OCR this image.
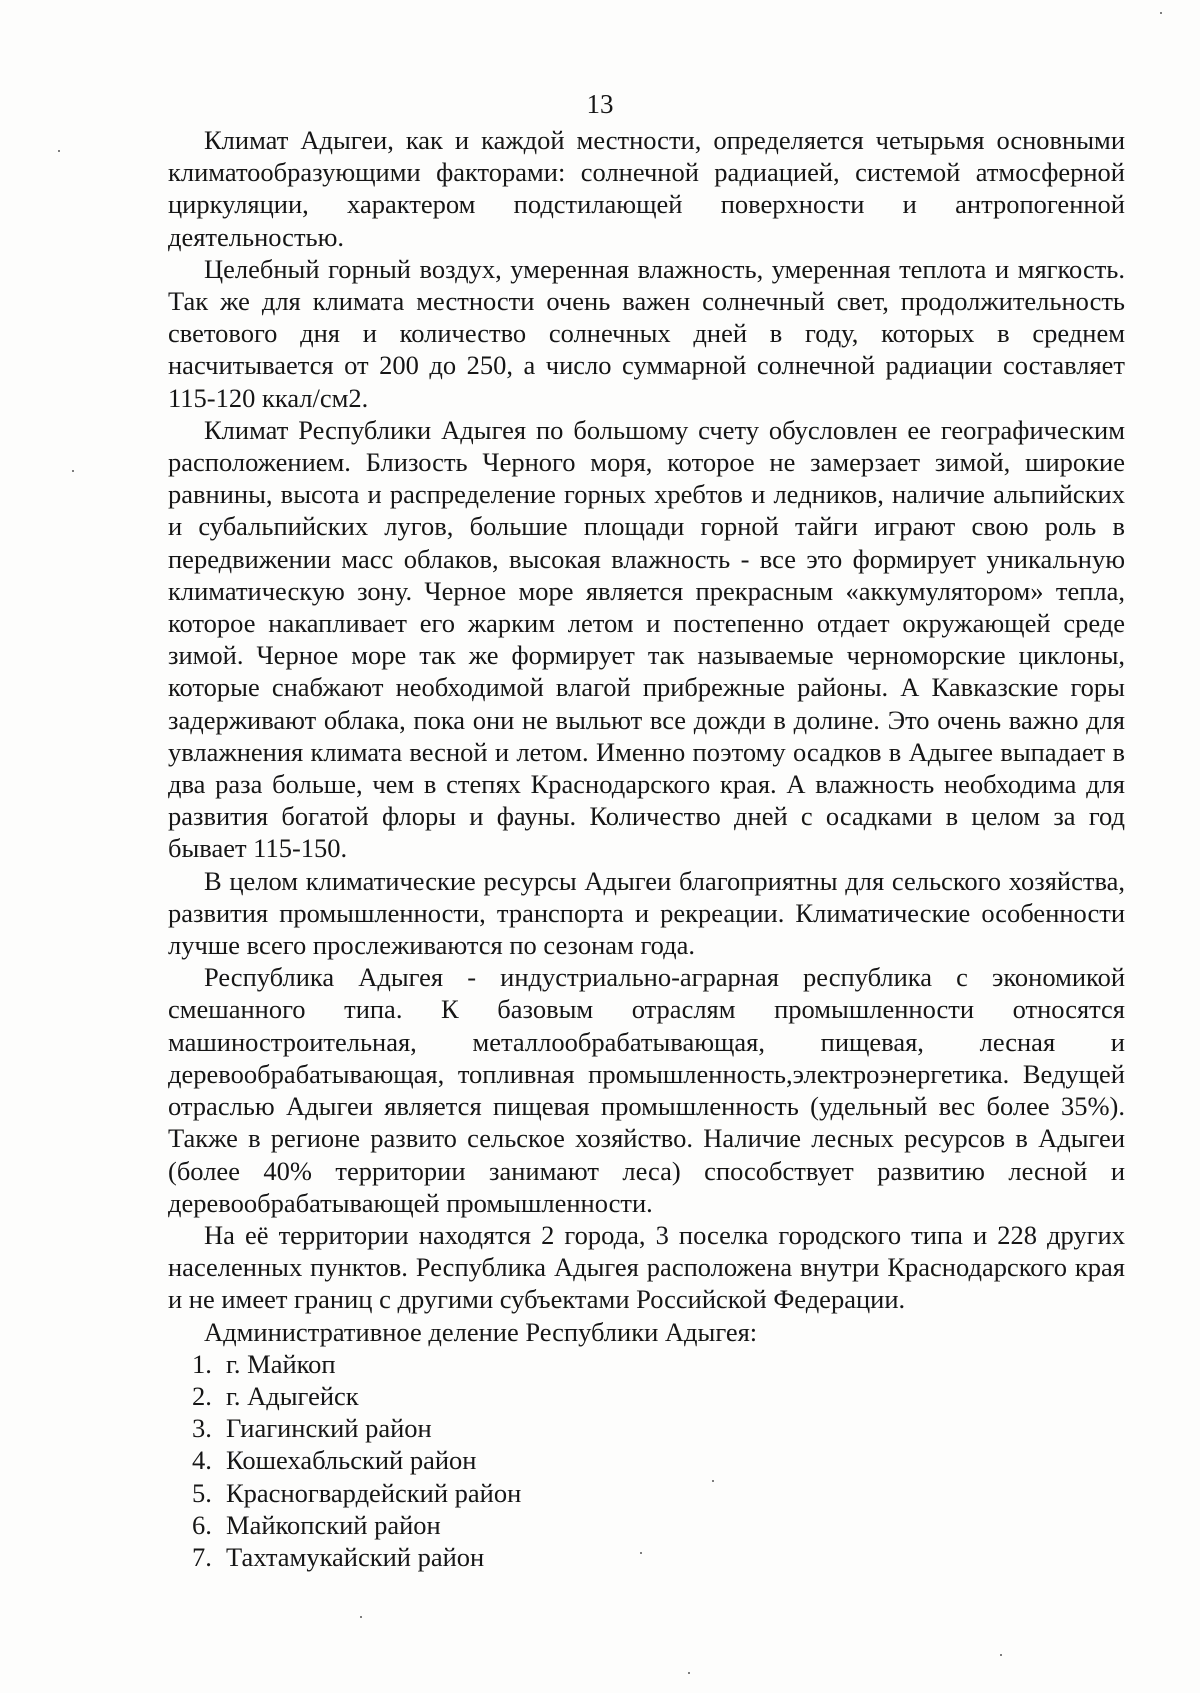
13

Климат Адыгеи, как и каждой местности, определяется четырьмя основными климатообразующими факторами: солнечной радиацией, системой атмосферной циркуляции, характером подстилающей поверхности и антропогенной деятельностью.

Целебный горный воздух, умеренная влажность, умеренная теплота и мягкость. Так же для климата местности очень важен солнечный свет, продолжительность светового дня и количество солнечных дней в году, которых в среднем насчитывается от 200 до 250, а число суммарной солнечной радиации составляет 115-120 ккал/см2.

Климат Республики Адыгея по большому счету обусловлен ее географическим расположением. Близость Черного моря, которое не замерзает зимой, широкие равнины, высота и распределение горных хребтов и ледников, наличие альпийских и субальпийских лугов, большие площади горной тайги играют свою роль в передвижении масс облаков, высокая влажность - все это формирует уникальную климатическую зону. Черное море является прекрасным «аккумулятором» тепла, которое накапливает его жарким летом и постепенно отдает окружающей среде зимой. Черное море так же формирует так называемые черноморские циклоны, которые снабжают необходимой влагой прибрежные районы. А Кавказские горы задерживают облака, пока они не выльют все дожди в долине. Это очень важно для увлажнения климата весной и летом. Именно поэтому осадков в Адыгее выпадает в два раза больше, чем в степях Краснодарского края. А влажность необходима для развития богатой флоры и фауны. Количество дней с осадками в целом за год бывает 115-150.

В целом климатические ресурсы Адыгеи благоприятны для сельского хозяйства, развития промышленности, транспорта и рекреации. Климатические особенности лучше всего прослеживаются по сезонам года.

Республика Адыгея - индустриально-аграрная республика с экономикой смешанного типа. К базовым отраслям промышленности относятся машиностроительная, металлообрабатывающая, пищевая, лесная и деревообрабатывающая, топливная промышленность,электроэнергетика. Ведущей отраслью Адыгеи является пищевая промышленность (удельный вес более 35%). Также в регионе развито сельское хозяйство. Наличие лесных ресурсов в Адыгеи (более 40% территории занимают леса) способствует развитию лесной и деревообрабатывающей промышленности.

На её территории находятся 2 города, 3 поселка городского типа и 228 других населенных пунктов. Республика Адыгея расположена внутри Краснодарского края и не имеет границ с другими субъектами Российской Федерации.

Административное деление Республики Адыгея:

1. г. Майкоп
2. г. Адыгейск
3. Гиагинский район
4. Кошехабльский район
5. Красногвардейский район
6. Майкопский район
7. Тахтамукайский район
